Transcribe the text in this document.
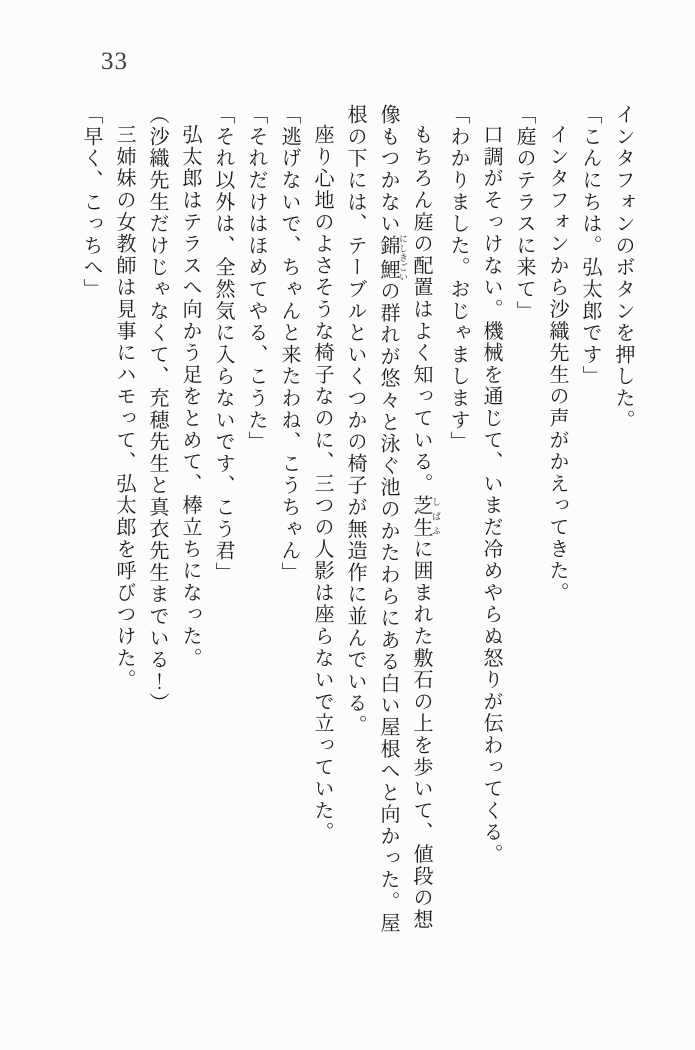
33

インタフォンのボタンを押した。

「こんにちは。弘太郎です」

インタフォンから沙織先生の声がかえってきた。

「庭のテラスに来て」

口調がそっけない。機械を通じて、いまだ冷めやらぬ怒りが伝わってくる。

「わかりました。おじゃまします」

もちろん庭の配置はよく知っている。芝生 しばふに囲まれた敷石の上を歩いて、値段の想像もつかない錦鯉 にしきごいの群れが悠々と泳ぐ池のかたわらにある白い屋根へと向かった。屋根の下には、テーブルといくつかの椅子が無造作に並んでいる。

座り心地のよさそうな椅子なのに、三つの人影は座らないで立っていた。

「逃げないで、ちゃんと来たわね、こうちゃん」

「それだけはほめてやる、こうた」

「それ以外は、全然気に入らないです、こう君」

弘太郎はテラスへ向かう足をとめて、棒立ちになった。

（沙織先生だけじゃなくて、充穂先生と真衣先生までいる！）

三姉妹の女教師は見事にハモって、弘太郎を呼びつけた。

「早く、こっちへ」
